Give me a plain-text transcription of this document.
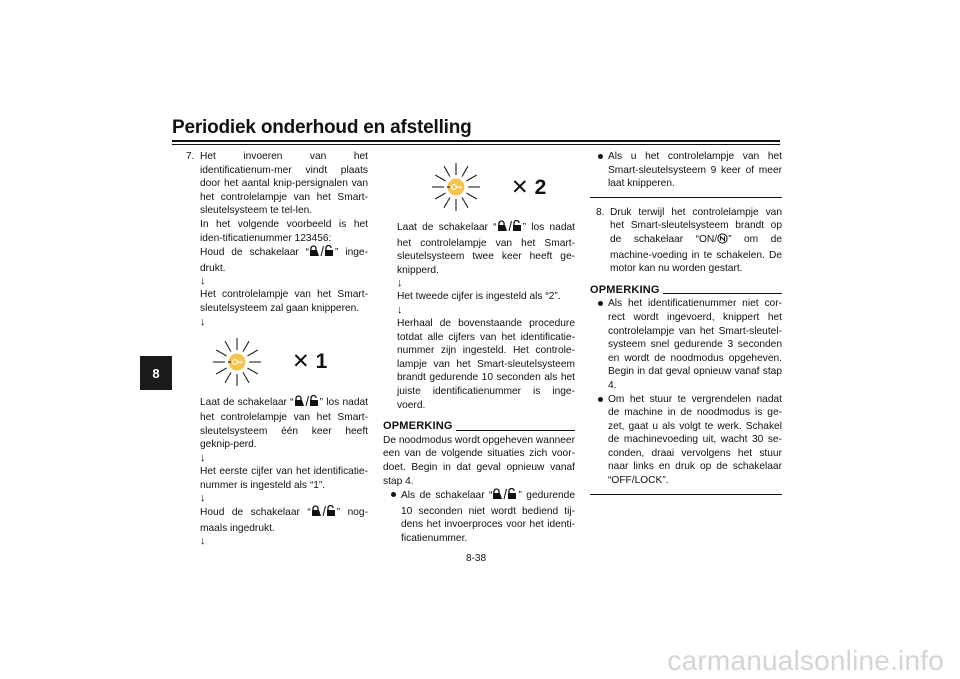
Periodiek onderhoud en afstelling
8
7. Het invoeren van het identificatienum-mer vindt plaats door het aantal knip-persignalen van het controlelampje van het Smart-sleutelsysteem te tel-len.
In het volgende voorbeeld is het iden-tificatienummer 123456:
Houd de schakelaar “	” inge-drukt.
↓
Het controlelampje van het Smart-sleutelsysteem zal gaan knipperen.
↓
✕ 1
Laat de schakelaar “	” los nadat het controlelampje van het Smart-sleutelsysteem één keer heeft geknip-perd.
↓
Het eerste cijfer van het identificatie-nummer is ingesteld als “1”.
↓
Houd de schakelaar “	” nog-maals ingedrukt.
↓
✕ 2
Laat de schakelaar “	” los nadat het controlelampje van het Smart-sleutelsysteem twee keer heeft ge-knipperd.
↓
Het tweede cijfer is ingesteld als “2”.
↓
Herhaal de bovenstaande procedure totdat alle cijfers van het identificatie-nummer zijn ingesteld. Het controle-lampje van het Smart-sleutelsysteem brandt gedurende 10 seconden als het juiste identificatienummer is inge-voerd.
OPMERKING
De noodmodus wordt opgeheven wanneer een van de volgende situaties zich voor-doet. Begin in dat geval opnieuw vanaf stap 4.
Als de schakelaar “	” gedurende 10 seconden niet wordt bediend tij-dens het invoerproces voor het identi-ficatienummer.
Als u het controlelampje van het Smart-sleutelsysteem 9 keer of meer laat knipperen.
8. Druk terwijl het controlelampje van het Smart-sleutelsysteem brandt op de schakelaar “ON/ ” om de machine-voeding in te schakelen. De motor kan nu worden gestart.
OPMERKING
Als het identificatienummer niet cor-rect wordt ingevoerd, knippert het controlelampje van het Smart-sleutel-systeem snel gedurende 3 seconden en wordt de noodmodus opgeheven. Begin in dat geval opnieuw vanaf stap 4.
Om het stuur te vergrendelen nadat de machine in de noodmodus is ge-zet, gaat u als volgt te werk. Schakel de machinevoeding uit, wacht 30 se-conden, draai vervolgens het stuur naar links en druk op de schakelaar “OFF/LOCK”.
8-38
carmanualsonline.info
